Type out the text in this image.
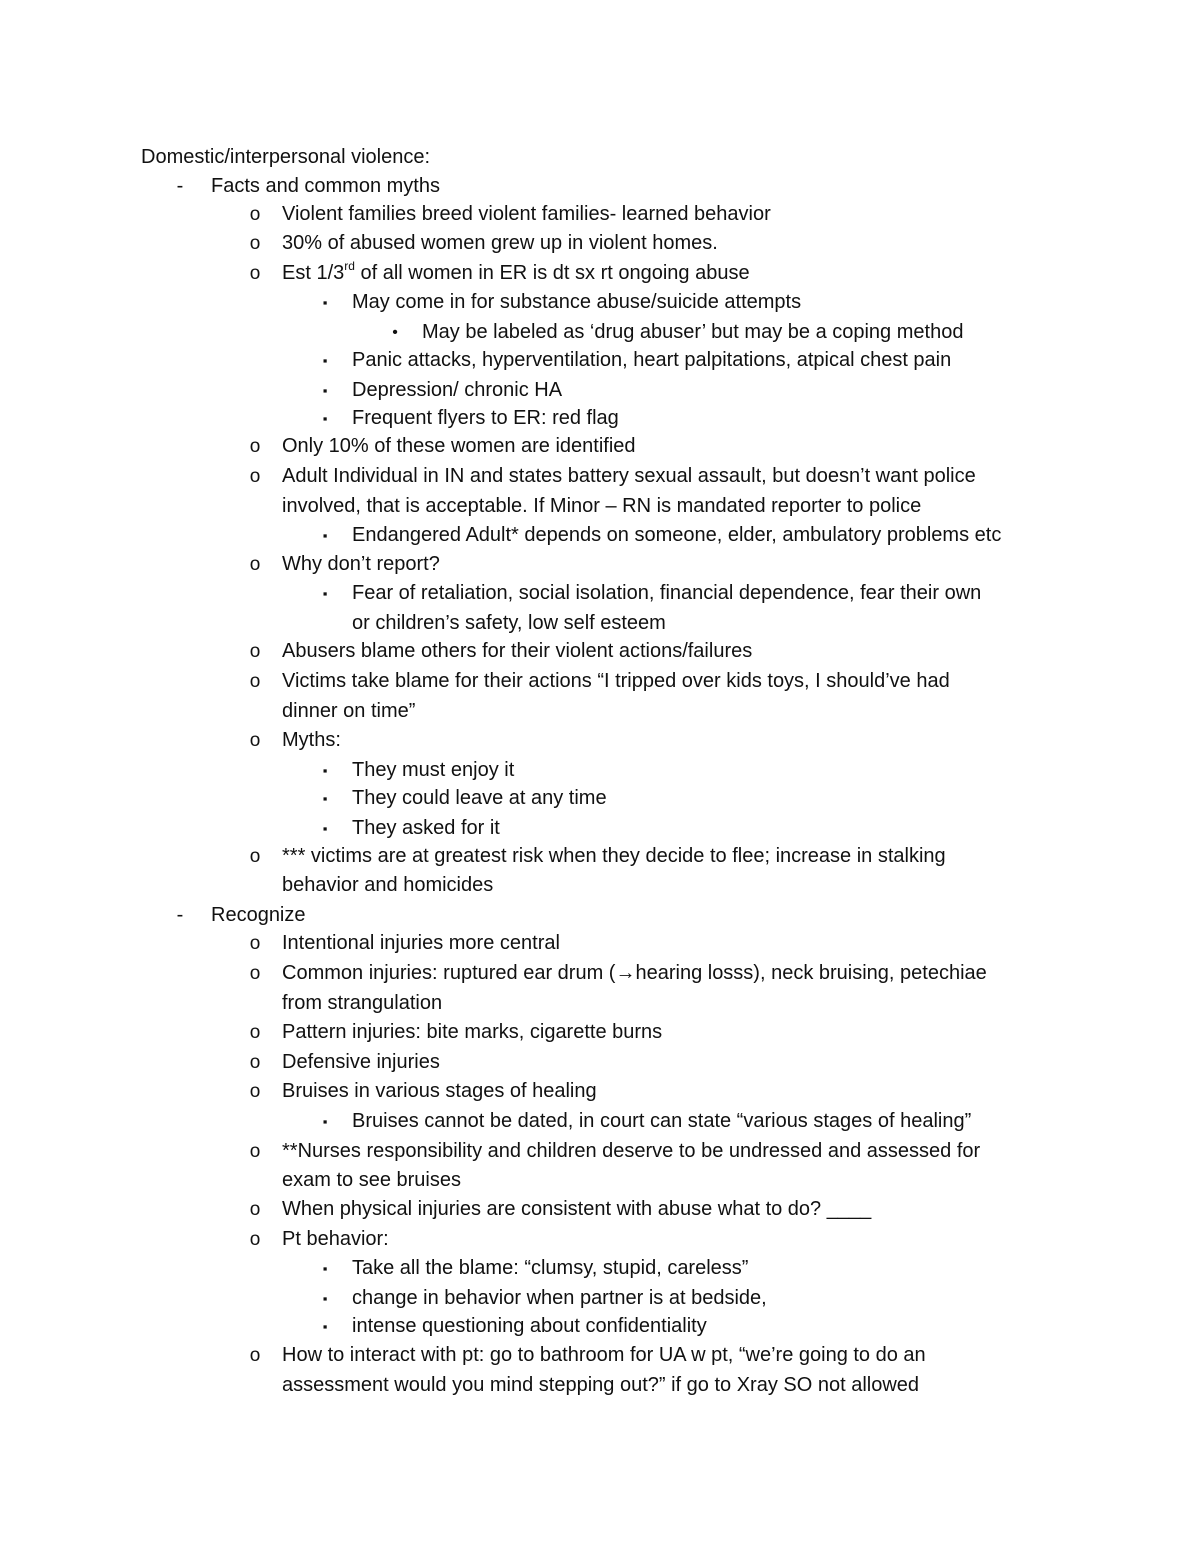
Domestic/interpersonal violence:
-	Facts and common myths
o Violent families breed violent families- learned behavior
o 30% of abused women grew up in violent homes.
o Est 1/3rd of all women in ER is dt sx rt ongoing abuse
▪	May come in for substance abuse/suicide attempts
•	May be labeled as ‘drug abuser’ but may be a coping method
▪	Panic attacks, hyperventilation, heart palpitations, atpical chest pain
▪	Depression/ chronic HA
▪	Frequent flyers to ER: red flag
o Only 10% of these women are identified
o Adult Individual in IN and states battery sexual assault, but doesn’t want police
involved, that is acceptable. If Minor – RN is mandated reporter to police
▪	Endangered Adult* depends on someone, elder, ambulatory problems etc
o Why don’t report?
▪	Fear of retaliation, social isolation, financial dependence, fear their own
or children’s safety, low self esteem
o Abusers blame others for their violent actions/failures
o Victims take blame for their actions “I tripped over kids toys, I should’ve had
dinner on time”
o Myths:
▪	They must enjoy it
▪	They could leave at any time
▪	They asked for it
o *** victims are at greatest risk when they decide to flee; increase in stalking
behavior and homicides
-	Recognize
o Intentional injuries more central
o Common injuries: ruptured ear drum (→hearing losss), neck bruising, petechiae
from strangulation
o Pattern injuries: bite marks, cigarette burns
o Defensive injuries
o Bruises in various stages of healing
▪	Bruises cannot be dated, in court can state “various stages of healing”
o **Nurses responsibility and children deserve to be undressed and assessed for
exam to see bruises
o When physical injuries are consistent with abuse what to do? ____
o Pt behavior:
▪	Take all the blame: “clumsy, stupid, careless”
▪	change in behavior when partner is at bedside,
▪	intense questioning about confidentiality
o How to interact with pt: go to bathroom for UA w pt, “we’re going to do an
assessment would you mind stepping out?” if go to Xray SO not allowed
